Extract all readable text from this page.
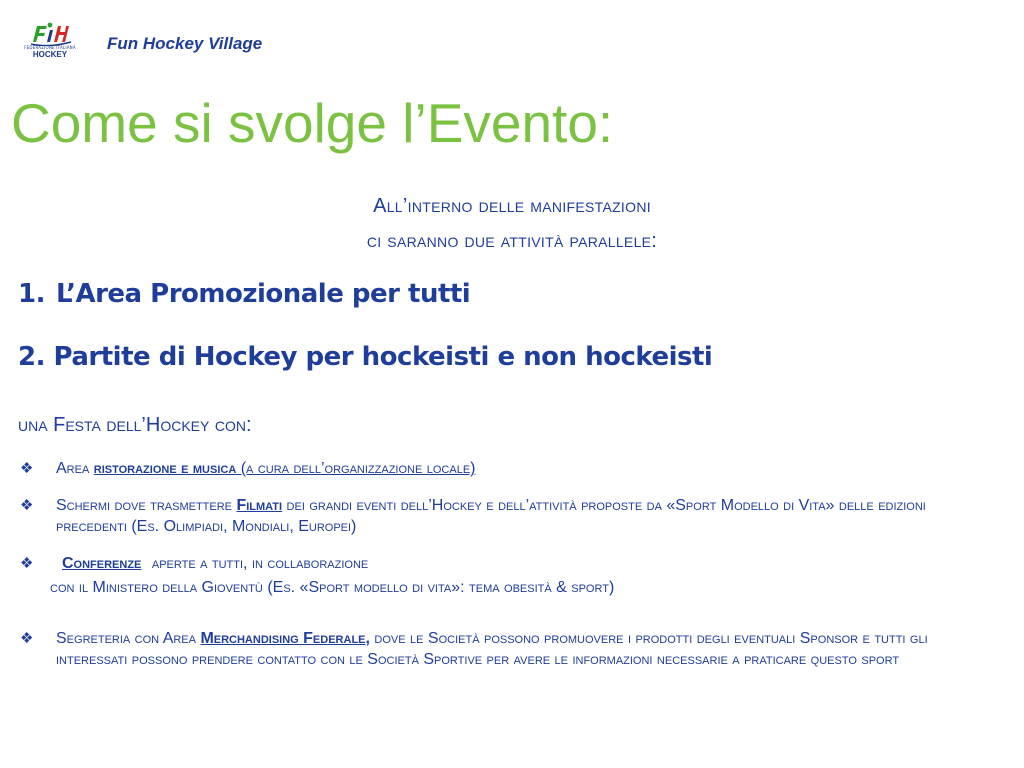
FEDERAZIONE ITALIANA
HOCKEY
Fun Hockey Village
Come si svolge l’Evento:
All’interno delle manifestazioni
ci saranno due attività parallele:
1. L’Area Promozionale per tutti
2. Partite di Hockey per hockeisti e non hockeisti
una Festa dell’Hockey con:
❖ Area ristorazione e musica (a cura dell’organizzazione locale)
❖ Schermi dove trasmettere Filmati dei grandi eventi dell’Hockey e dell’attività proposte da «Sport Modello di Vita» delle edizioni precedenti (Es. Olimpiadi, Mondiali, Europei)
❖ Conferenze aperte a tutti, in collaborazione
con il Ministero della Gioventù (Es. «Sport modello di vita»: tema obesità & sport)
❖ Segreteria con Area Merchandising Federale, dove le Società possono promuovere i prodotti degli eventuali Sponsor e tutti gli interessati possono prendere contatto con le Società Sportive per avere le informazioni necessarie a praticare questo sport
